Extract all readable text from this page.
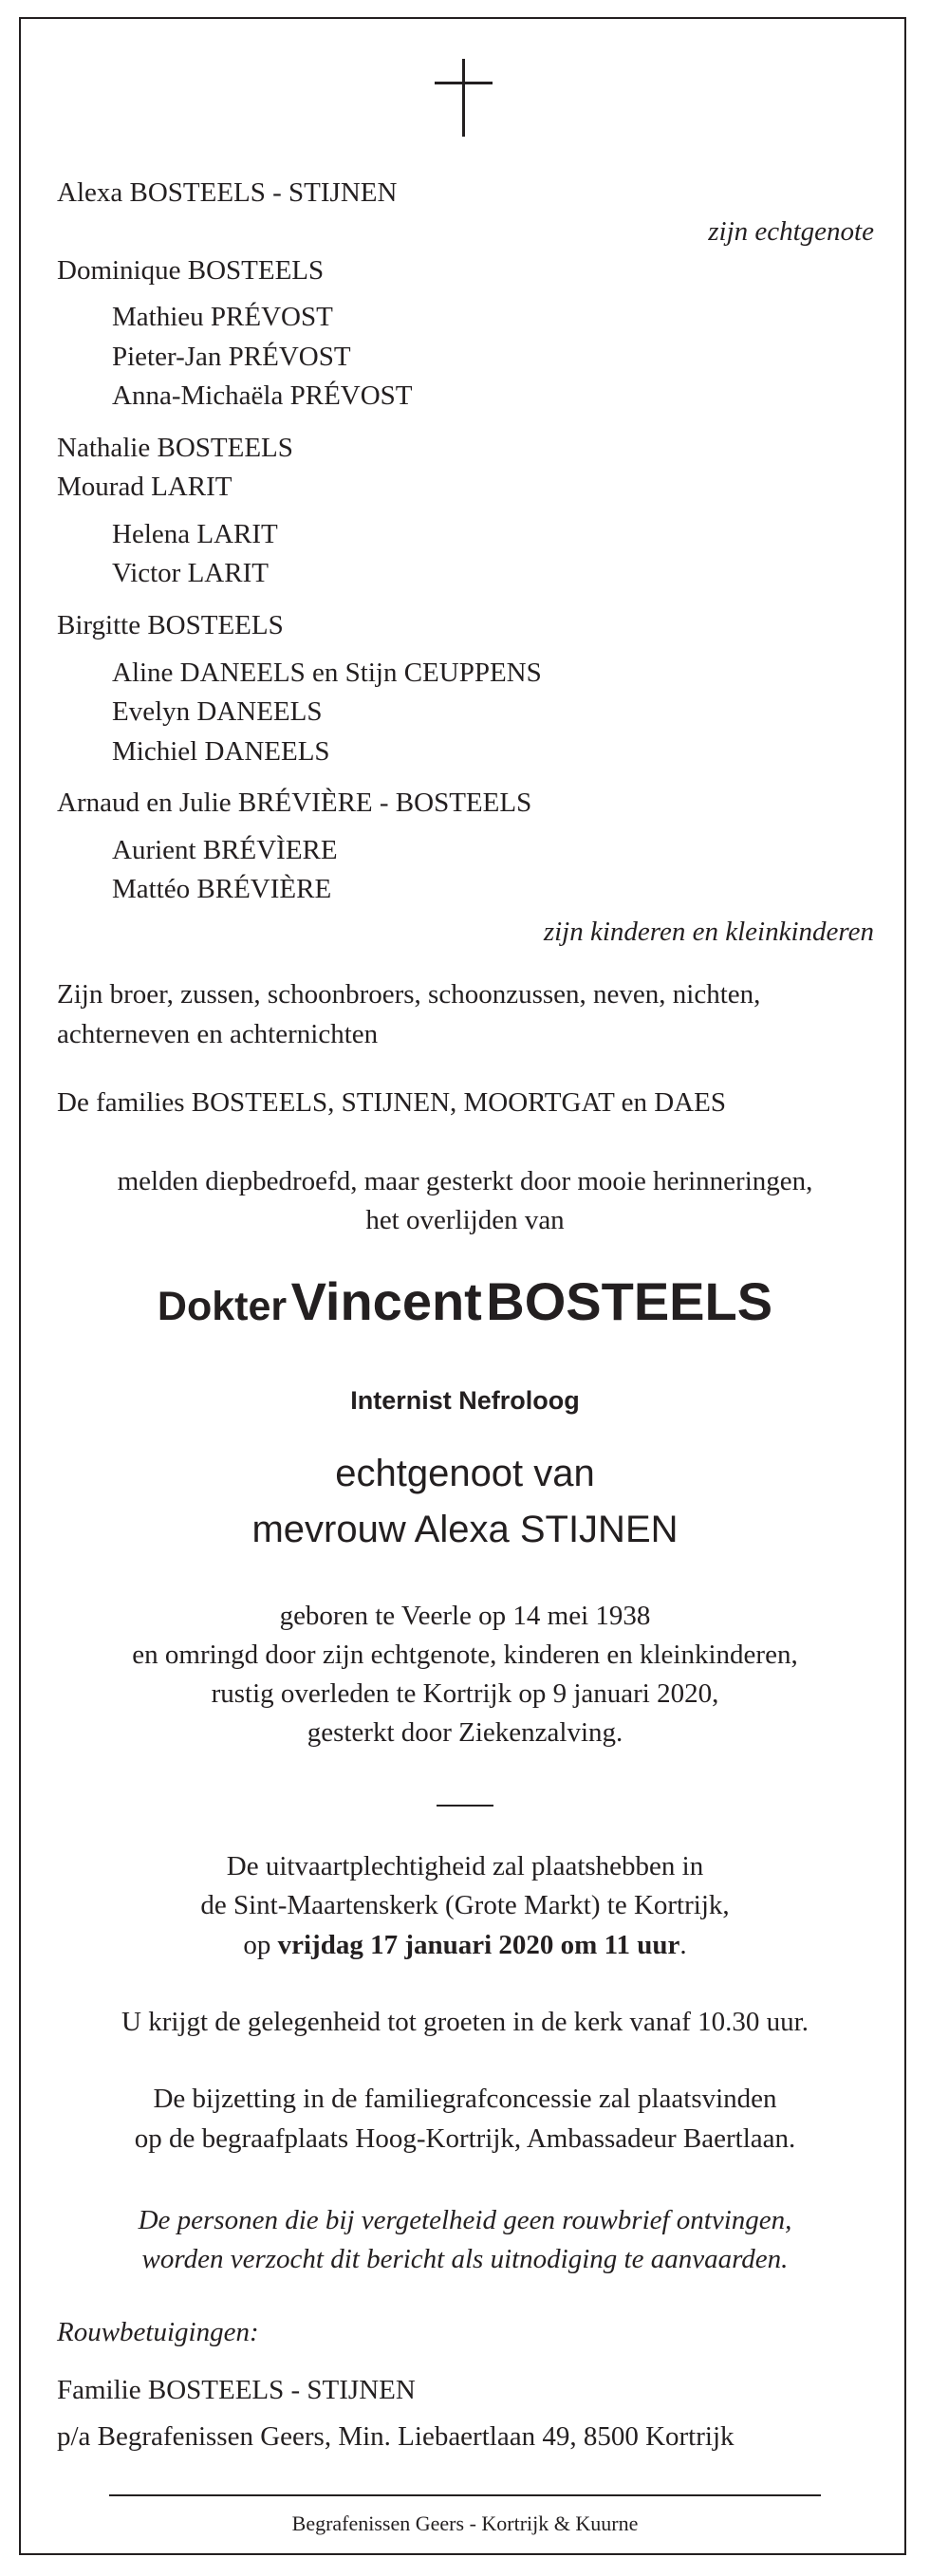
Alexa BOSTEELS - STIJNEN
zijn echtgenote
Dominique BOSTEELS
Mathieu PRÉVOST
Pieter-Jan PRÉVOST
Anna-Michaëla PRÉVOST
Nathalie BOSTEELS
Mourad LARIT
Helena LARIT
Victor LARIT
Birgitte BOSTEELS
Aline DANEELS en Stijn CEUPPENS
Evelyn DANEELS
Michiel DANEELS
Arnaud en Julie BRÉVIÈRE - BOSTEELS
Aurient BRÉVÌERE
Mattéo BRÉVIÈRE
zijn kinderen en kleinkinderen
Zijn broer, zussen, schoonbroers, schoonzussen, neven, nichten,
achterneven en achternichten
De families BOSTEELS, STIJNEN, MOORTGAT en DAES
melden diepbedroefd, maar gesterkt door mooie herinneringen,
het overlijden van
Dokter Vincent BOSTEELS
Internist Nefroloog
echtgenoot van
mevrouw Alexa STIJNEN
geboren te Veerle op 14 mei 1938
en omringd door zijn echtgenote, kinderen en kleinkinderen,
rustig overleden te Kortrijk op 9 januari 2020,
gesterkt door Ziekenzalving.
De uitvaartplechtigheid zal plaatshebben in
de Sint-Maartenskerk (Grote Markt) te Kortrijk,
op vrijdag 17 januari 2020 om 11 uur.
U krijgt de gelegenheid tot groeten in de kerk vanaf 10.30 uur.
De bijzetting in de familiegrafconcessie zal plaatsvinden
op de begraafplaats Hoog-Kortrijk, Ambassadeur Baertlaan.
De personen die bij vergetelheid geen rouwbrief ontvingen,
worden verzocht dit bericht als uitnodiging te aanvaarden.
Rouwbetuigingen:
Familie BOSTEELS - STIJNEN
p/a Begrafenissen Geers, Min. Liebaertlaan 49, 8500 Kortrijk
Begrafenissen Geers - Kortrijk & Kuurne
